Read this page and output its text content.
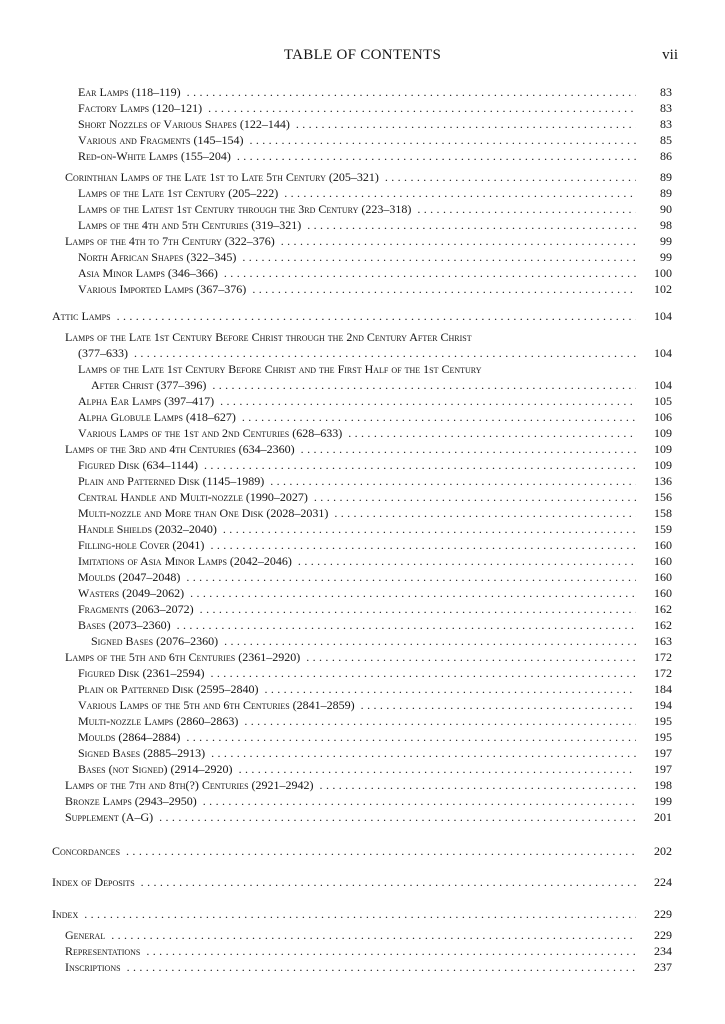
TABLE OF CONTENTS	vii
Ear Lamps (118–119) . . .	83
Factory Lamps (120–121) . . .	83
Short Nozzles of Various Shapes (122–144) . . .	83
Various and Fragments (145–154) . . .	85
Red-on-White Lamps (155–204) . . .	86
Corinthian Lamps of the Late 1st to Late 5th Century (205–321) . . .	89
Lamps of the Late 1st Century (205–222) . . .	89
Lamps of the Latest 1st Century through the 3rd Century (223–318) . . .	90
Lamps of the 4th and 5th Centuries (319–321) . . .	98
Lamps of the 4th to 7th Century (322–376) . . .	99
North African Shapes (322–345) . . .	99
Asia Minor Lamps (346–366) . . .	100
Various Imported Lamps (367–376) . . .	102
Attic Lamps . . .	104
Lamps of the Late 1st Century Before Christ through the 2nd Century After Christ
(377–633) . . .	104
Lamps of the Late 1st Century Before Christ and the First Half of the 1st Century
After Christ (377–396) . . .	104
Alpha Ear Lamps (397–417) . . .	105
Alpha Globule Lamps (418–627) . . .	106
Various Lamps of the 1st and 2nd Centuries (628–633) . . .	109
Lamps of the 3rd and 4th Centuries (634–2360) . . .	109
Figured Disk (634–1144) . . .	109
Plain and Patterned Disk (1145–1989) . . .	136
Central Handle and Multi-nozzle (1990–2027) . . .	156
Multi-nozzle and More than One Disk (2028–2031) . . .	158
Handle Shields (2032–2040) . . .	159
Filling-hole Cover (2041) . . .	160
Imitations of Asia Minor Lamps (2042–2046) . . .	160
Moulds (2047–2048) . . .	160
Wasters (2049–2062) . . .	160
Fragments (2063–2072) . . .	162
Bases (2073–2360) . . .	162
Signed Bases (2076–2360) . . .	163
Lamps of the 5th and 6th Centuries (2361–2920) . . .	172
Figured Disk (2361–2594) . . .	172
Plain or Patterned Disk (2595–2840) . . .	184
Various Lamps of the 5th and 6th Centuries (2841–2859) . . .	194
Multi-nozzle Lamps (2860–2863) . . .	195
Moulds (2864–2884) . . .	195
Signed Bases (2885–2913) . . .	197
Bases (not Signed) (2914–2920) . . .	197
Lamps of the 7th and 8th(?) Centuries (2921–2942) . . .	198
Bronze Lamps (2943–2950) . . .	199
Supplement (A–G) . . .	201
Concordances . . .	202
Index of Deposits . . .	224
Index . . .	229
General . . .	229
Representations . . .	234
Inscriptions . . .	237
